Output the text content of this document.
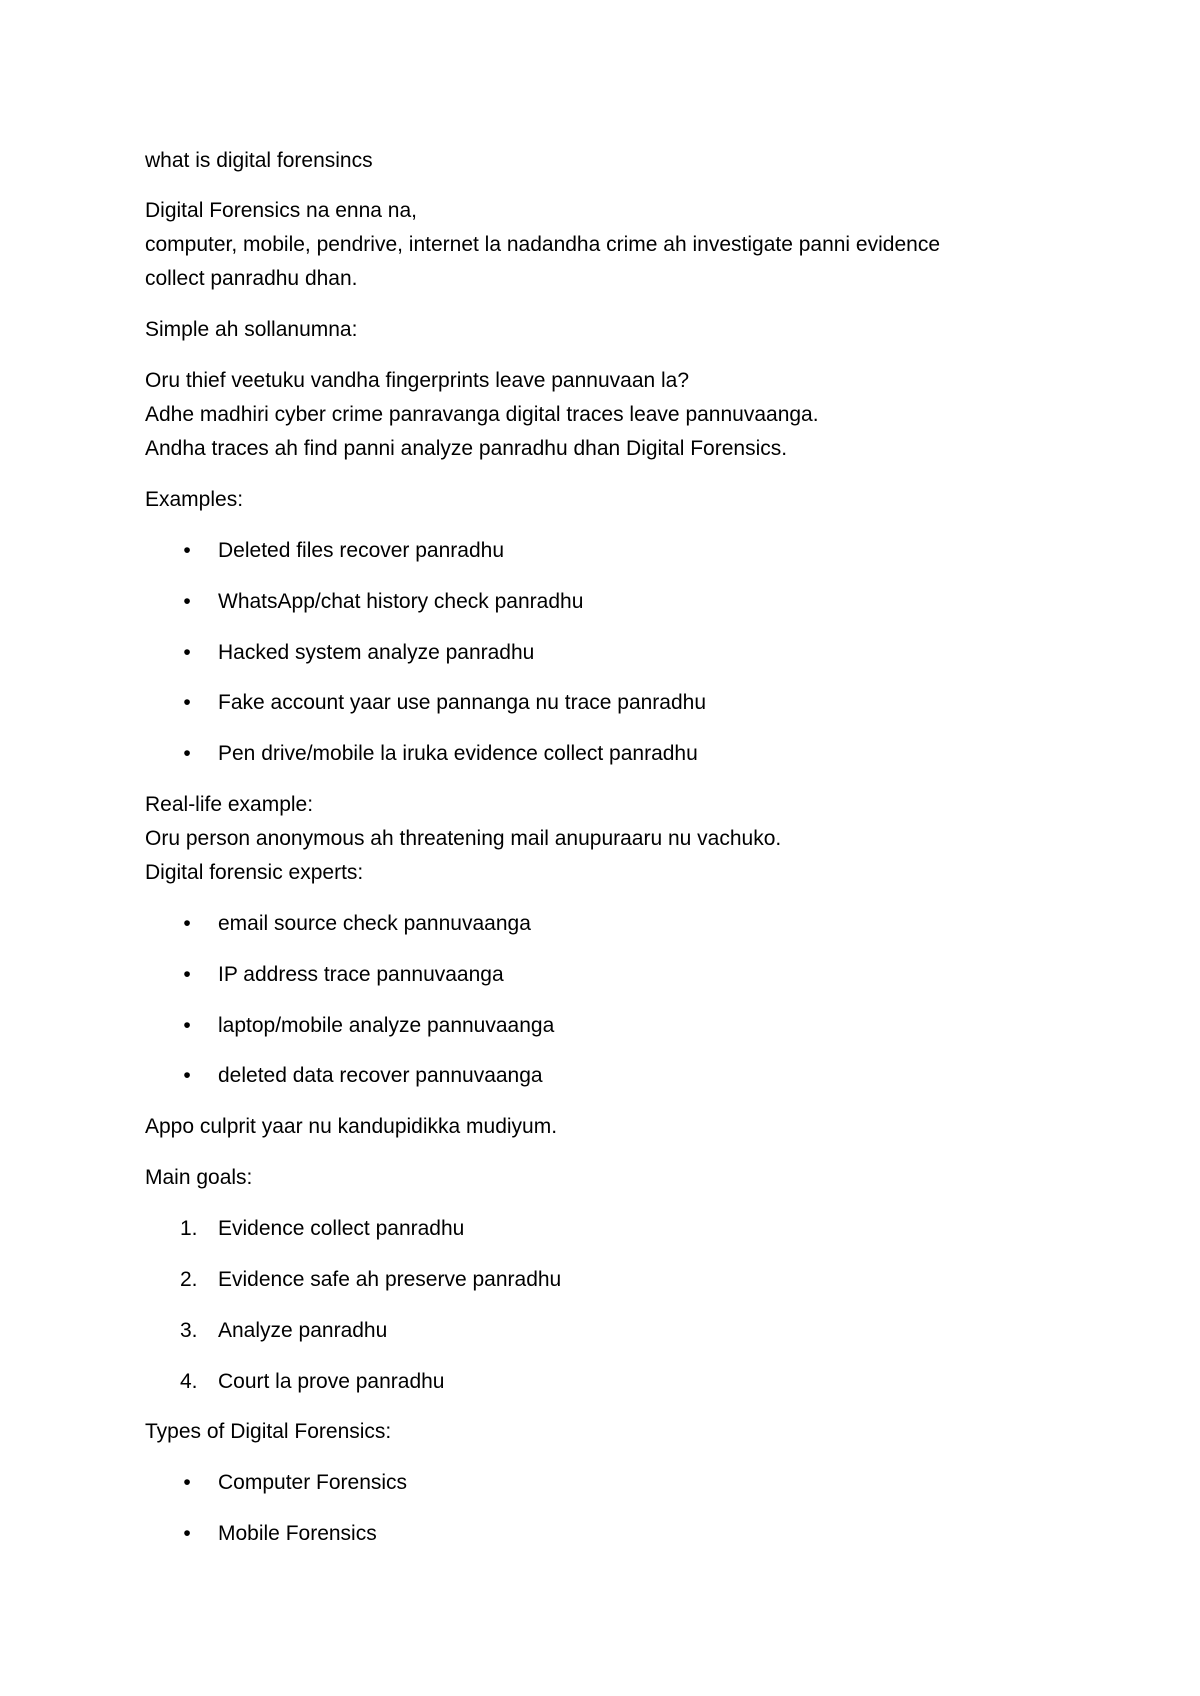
what is digital forensincs
Digital Forensics na enna na,
computer, mobile, pendrive, internet la nadandha crime ah investigate panni evidence
collect panradhu dhan.
Simple ah sollanumna:
Oru thief veetuku vandha fingerprints leave pannuvaan la?
Adhe madhiri cyber crime panravanga digital traces leave pannuvaanga.
Andha traces ah find panni analyze panradhu dhan Digital Forensics.
Examples:
• Deleted files recover panradhu
• WhatsApp/chat history check panradhu
• Hacked system analyze panradhu
• Fake account yaar use pannanga nu trace panradhu
• Pen drive/mobile la iruka evidence collect panradhu
Real-life example:
Oru person anonymous ah threatening mail anupuraaru nu vachuko.
Digital forensic experts:
• email source check pannuvaanga
• IP address trace pannuvaanga
• laptop/mobile analyze pannuvaanga
• deleted data recover pannuvaanga
Appo culprit yaar nu kandupidikka mudiyum.
Main goals:
1. Evidence collect panradhu
2. Evidence safe ah preserve panradhu
3. Analyze panradhu
4. Court la prove panradhu
Types of Digital Forensics:
• Computer Forensics
• Mobile Forensics
